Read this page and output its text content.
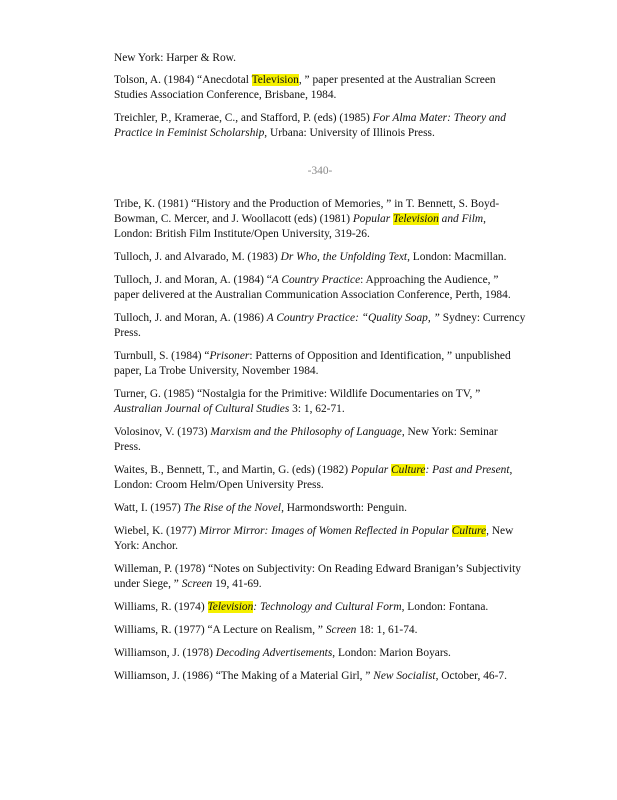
New York: Harper & Row.

Tolson, A. (1984) “Anecdotal Television, ” paper presented at the Australian Screen Studies Association Conference, Brisbane, 1984.

Treichler, P., Kramerae, C., and Stafford, P. (eds) (1985) For Alma Mater: Theory and Practice in Feminist Scholarship, Urbana: University of Illinois Press.

-340-

Tribe, K. (1981) “History and the Production of Memories, ” in T. Bennett, S. Boyd-Bowman, C. Mercer, and J. Woollacott (eds) (1981) Popular Television and Film, London: British Film Institute/Open University, 319-26.

Tulloch, J. and Alvarado, M. (1983) Dr Who, the Unfolding Text, London: Macmillan.

Tulloch, J. and Moran, A. (1984) “A Country Practice: Approaching the Audience, ” paper delivered at the Australian Communication Association Conference, Perth, 1984.

Tulloch, J. and Moran, A. (1986) A Country Practice: “Quality Soap, ” Sydney: Currency Press.

Turnbull, S. (1984) “Prisoner: Patterns of Opposition and Identification, ” unpublished paper, La Trobe University, November 1984.

Turner, G. (1985) “Nostalgia for the Primitive: Wildlife Documentaries on TV, ” Australian Journal of Cultural Studies 3: 1, 62-71.

Volosinov, V. (1973) Marxism and the Philosophy of Language, New York: Seminar Press.

Waites, B., Bennett, T., and Martin, G. (eds) (1982) Popular Culture: Past and Present, London: Croom Helm/Open University Press.

Watt, I. (1957) The Rise of the Novel, Harmondsworth: Penguin.

Wiebel, K. (1977) Mirror Mirror: Images of Women Reflected in Popular Culture, New York: Anchor.

Willeman, P. (1978) “Notes on Subjectivity: On Reading Edward Branigan’s Subjectivity under Siege, ” Screen 19, 41-69.

Williams, R. (1974) Television: Technology and Cultural Form, London: Fontana.

Williams, R. (1977) “A Lecture on Realism, ” Screen 18: 1, 61-74.

Williamson, J. (1978) Decoding Advertisements, London: Marion Boyars.

Williamson, J. (1986) “The Making of a Material Girl, ” New Socialist, October, 46-7.
